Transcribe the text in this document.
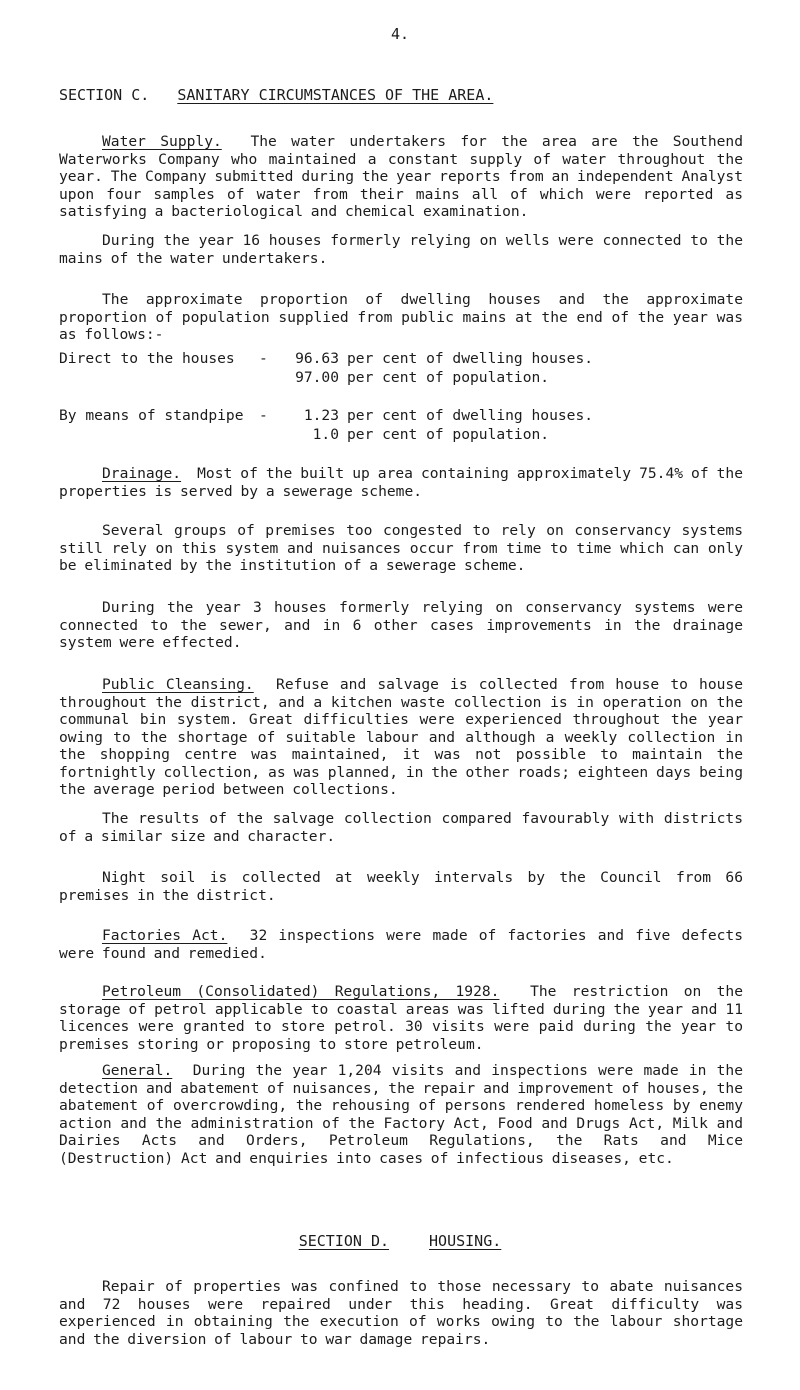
4.
SECTION C. SANITARY CIRCUMSTANCES OF THE AREA.

Water Supply. The water undertakers for the area are the Southend Waterworks Company who maintained a constant supply of water throughout the year. The Company submitted during the year reports from an independent Analyst upon four samples of water from their mains all of which were reported as satisfying a bacteriological and chemical examination.

During the year 16 houses formerly relying on wells were connected to the mains of the water undertakers.

The approximate proportion of dwelling houses and the approximate proportion of population supplied from public mains at the end of the year was as follows:-

Direct to the houses	-	96.63 per cent of dwelling houses.
97.00 per cent of population.
By means of standpipe	-	1.23 per cent of dwelling houses.
1.0 per cent of population.

Drainage. Most of the built up area containing approximately 75.4% of the properties is served by a sewerage scheme.

Several groups of premises too congested to rely on conservancy systems still rely on this system and nuisances occur from time to time which can only be eliminated by the institution of a sewerage scheme.

During the year 3 houses formerly relying on conservancy systems were connected to the sewer, and in 6 other cases improvements in the drainage system were effected.

Public Cleansing. Refuse and salvage is collected from house to house throughout the district, and a kitchen waste collection is in operation on the communal bin system. Great difficulties were experienced throughout the year owing to the shortage of suitable labour and although a weekly collection in the shopping centre was maintained, it was not possible to maintain the fortnightly collection, as was planned, in the other roads; eighteen days being the average period between collections.

The results of the salvage collection compared favourably with districts of a similar size and character.

Night soil is collected at weekly intervals by the Council from 66 premises in the district.

Factories Act. 32 inspections were made of factories and five defects were found and remedied.

Petroleum (Consolidated) Regulations, 1928. The restriction on the storage of petrol applicable to coastal areas was lifted during the year and 11 licences were granted to store petrol. 30 visits were paid during the year to premises storing or proposing to store petroleum.

General. During the year 1,204 visits and inspections were made in the detection and abatement of nuisances, the repair and improvement of houses, the abatement of overcrowding, the rehousing of persons rendered homeless by enemy action and the administration of the Factory Act, Food and Drugs Act, Milk and Dairies Acts and Orders, Petroleum Regulations, the Rats and Mice (Destruction) Act and enquiries into cases of infectious diseases, etc.

SECTION D.	HOUSING.

Repair of properties was confined to those necessary to abate nuisances and 72 houses were repaired under this heading. Great difficulty was experienced in obtaining the execution of works owing to the labour shortage and the diversion of labour to war damage repairs.
